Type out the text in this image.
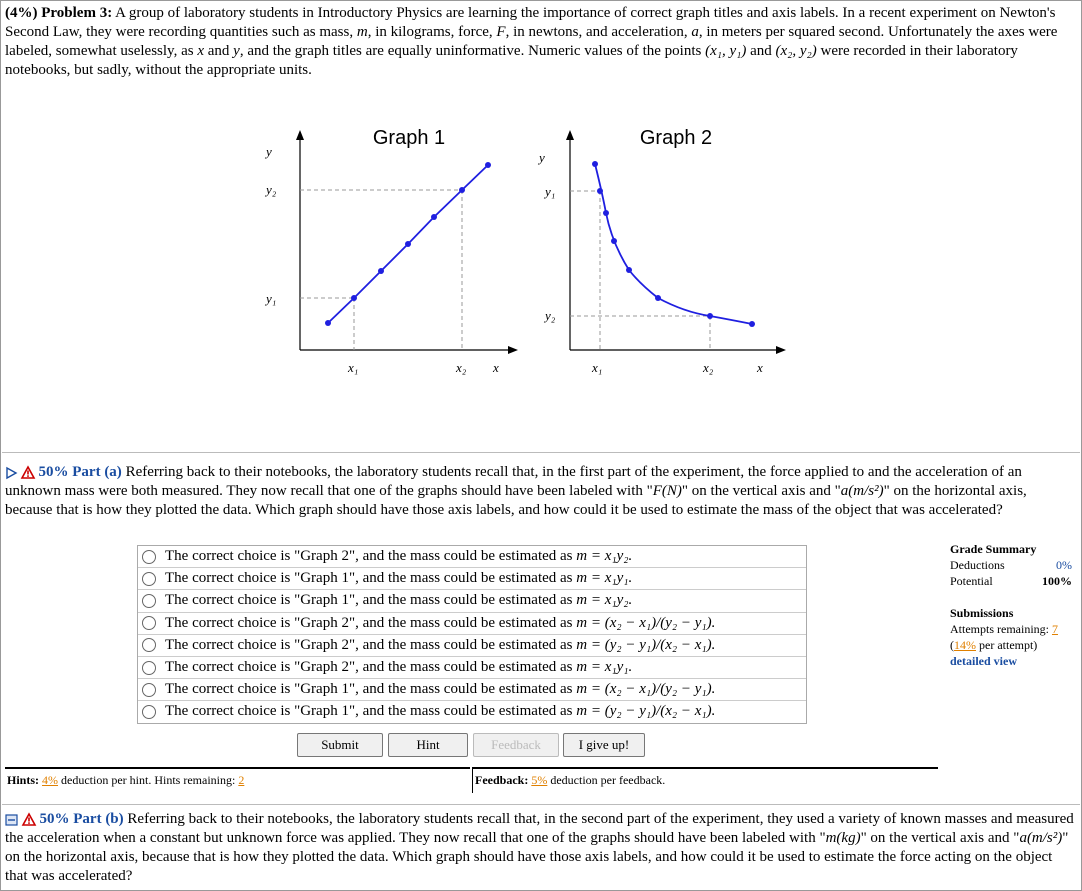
(4%) Problem 3: A group of laboratory students in Introductory Physics are learning the importance of correct graph titles and axis labels. In a recent experiment on Newton's Second Law, they were recording quantities such as mass, m, in kilograms, force, F, in newtons, and acceleration, a, in meters per squared second. Unfortunately the axes were labeled, somewhat uselessly, as x and y, and the graph titles are equally uninformative. Numeric values of the points (x₁, y₁) and (x₂, y₂) were recorded in their laboratory notebooks, but sadly, without the appropriate units.
Graph 1
y
x
y₂
y₁
x₁	x₂
Graph 2
y
x
y₁
y₂
x₁	x₂
50% Part (a) Referring back to their notebooks, the laboratory students recall that, in the first part of the experiment, the force applied to and the acceleration of an unknown mass were both measured. They now recall that one of the graphs should have been labeled with "F(N)" on the vertical axis and "a(m/s²)" on the horizontal axis, because that is how they plotted the data. Which graph should have those axis labels, and how could it be used to estimate the mass of the object that was accelerated?
The correct choice is "Graph 2", and the mass could be estimated as m = x₁y₂.
The correct choice is "Graph 1", and the mass could be estimated as m = x₁y₁.
The correct choice is "Graph 1", and the mass could be estimated as m = x₁y₂.
The correct choice is "Graph 2", and the mass could be estimated as m = (x₂ − x₁)/(y₂ − y₁).
The correct choice is "Graph 2", and the mass could be estimated as m = (y₂ − y₁)/(x₂ − x₁).
The correct choice is "Graph 2", and the mass could be estimated as m = x₁y₁.
The correct choice is "Graph 1", and the mass could be estimated as m = (x₂ − x₁)/(y₂ − y₁).
The correct choice is "Graph 1", and the mass could be estimated as m = (y₂ − y₁)/(x₂ − x₁).
Grade Summary
Deductions	0%
Potential	100%
Submissions
Attempts remaining: 7
(14% per attempt)
detailed view
Submit	Hint	Feedback	I give up!
Hints: 4% deduction per hint. Hints remaining: 2	Feedback: 5% deduction per feedback.
50% Part (b) Referring back to their notebooks, the laboratory students recall that, in the second part of the experiment, they used a variety of known masses and measured the acceleration when a constant but unknown force was applied. They now recall that one of the graphs should have been labeled with "m(kg)" on the vertical axis and "a(m/s²)" on the horizontal axis, because that is how they plotted the data. Which graph should have those axis labels, and how could it be used to estimate the force acting on the object that was accelerated?
